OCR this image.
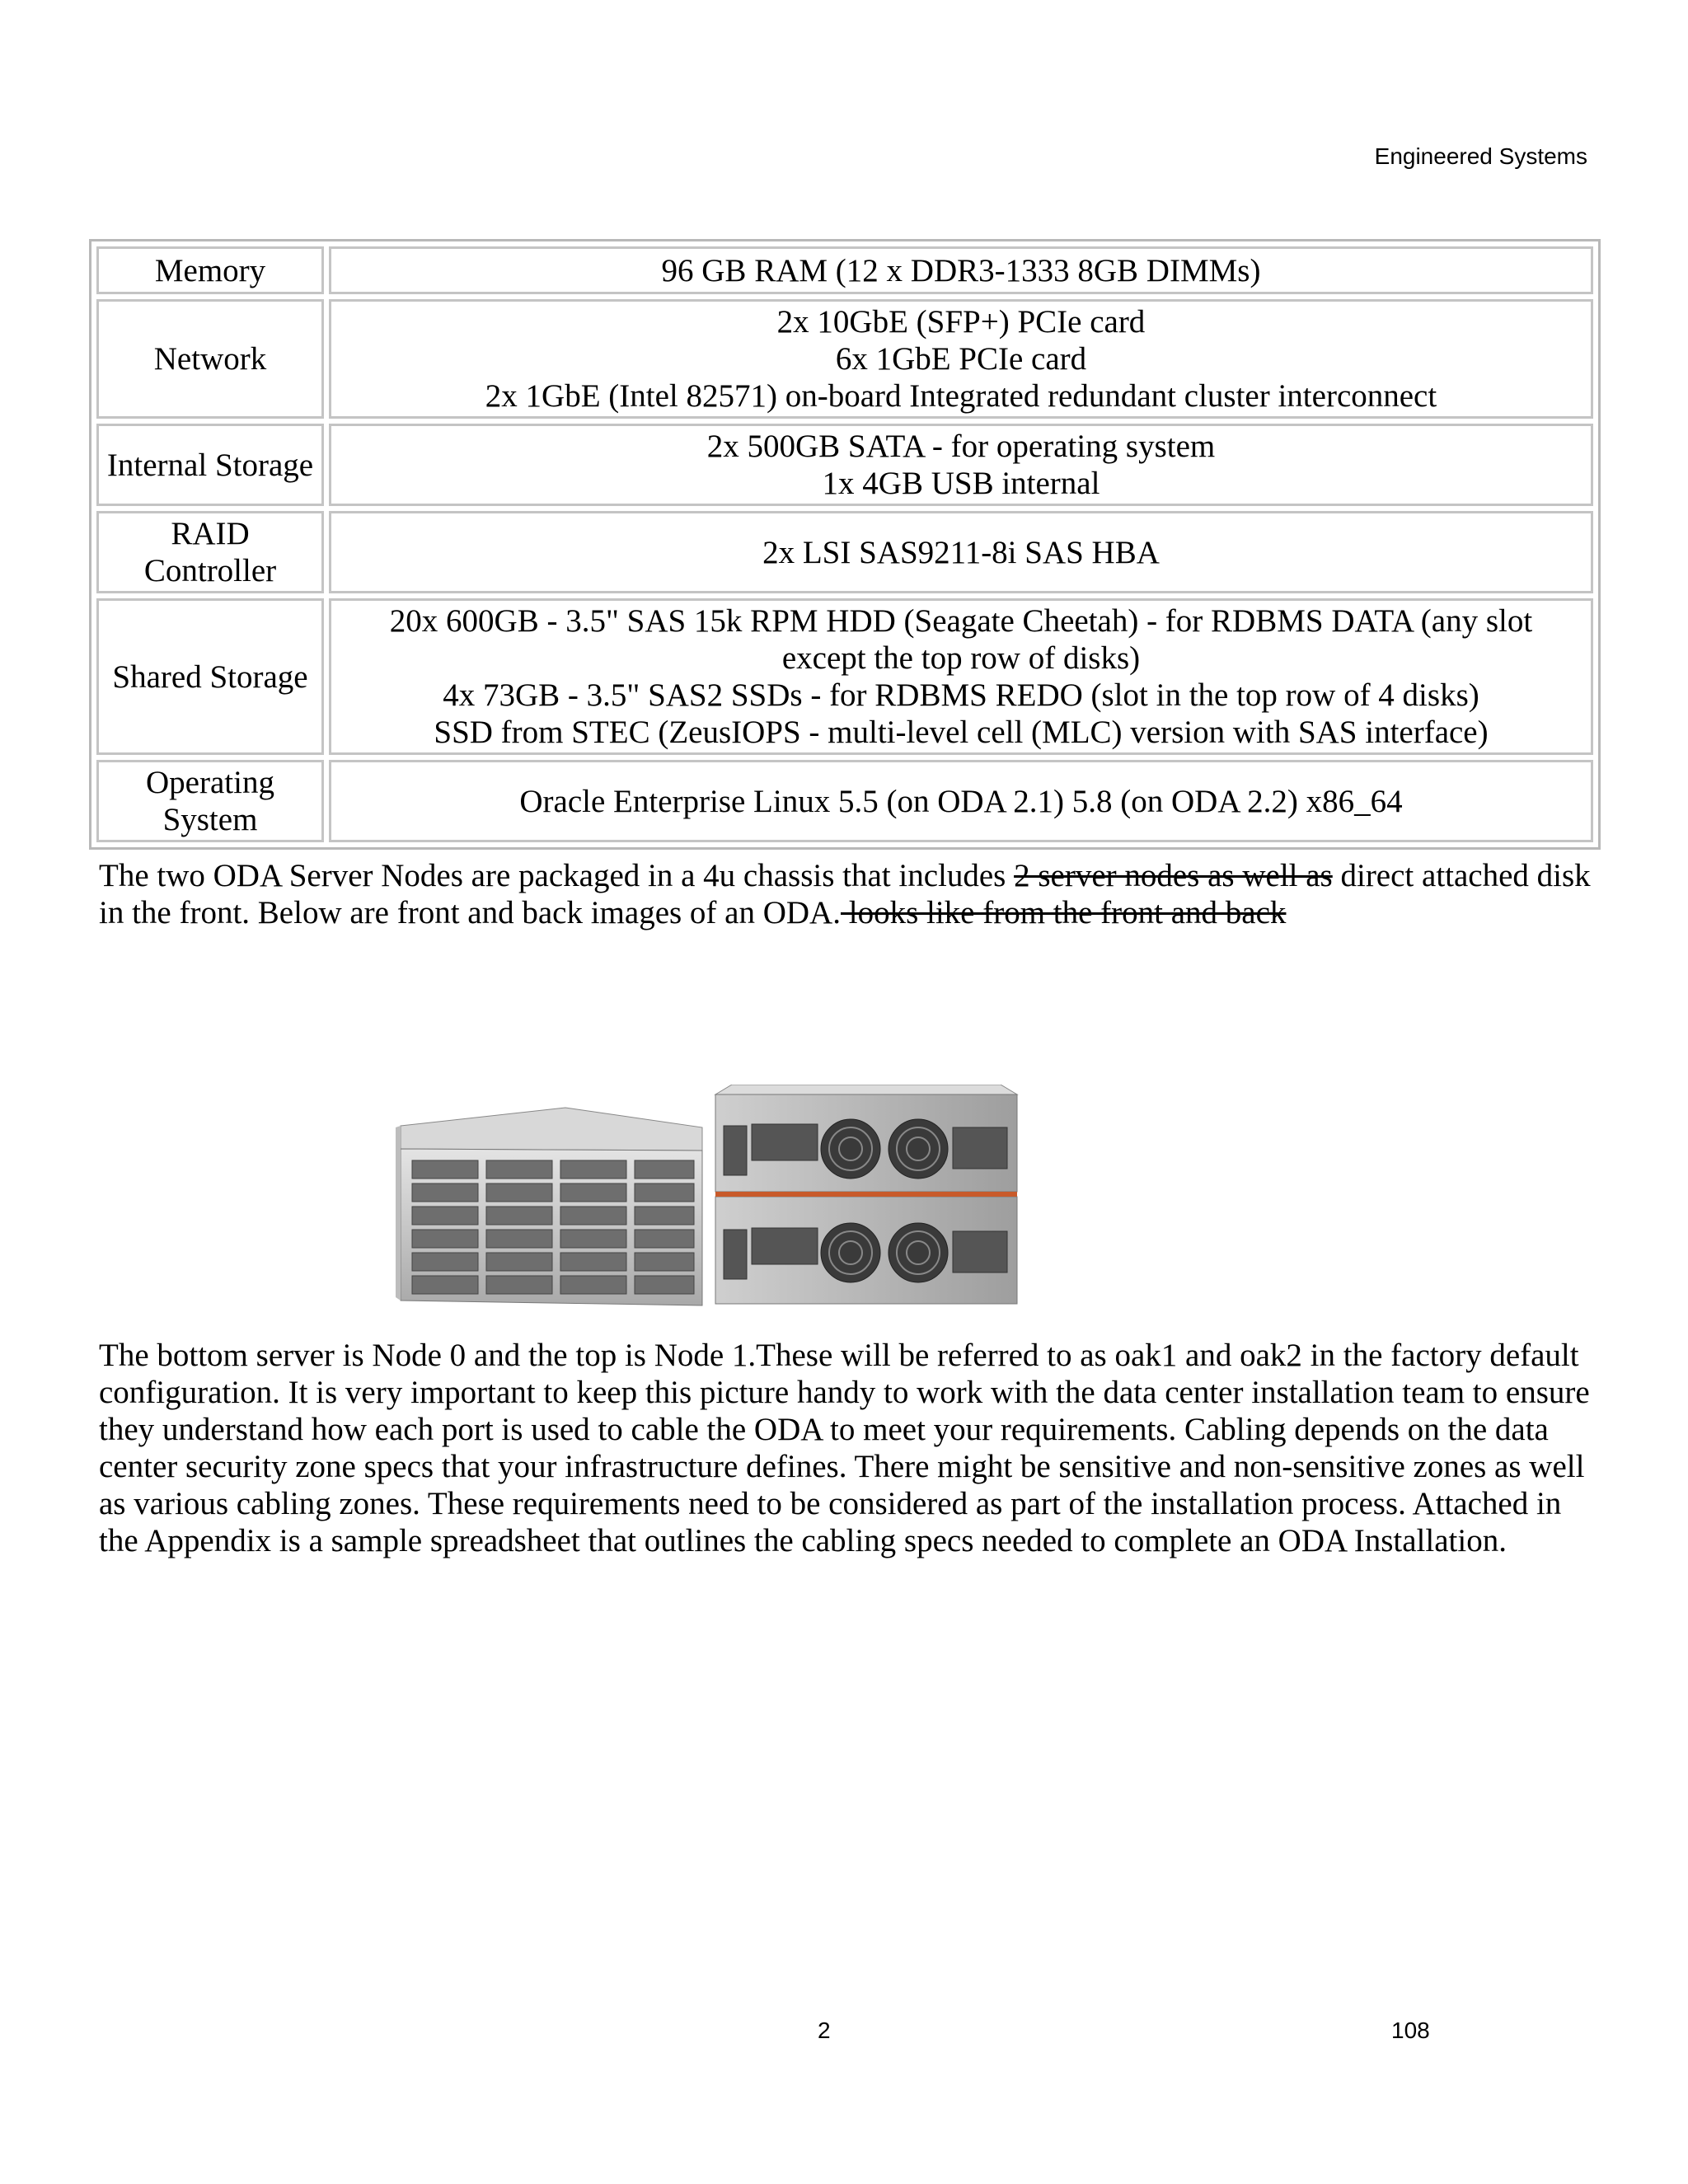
Engineered Systems
Memory	96 GB RAM (12 x DDR3-1333 8GB DIMMs)
Network	2x 10GbE (SFP+) PCIe card
6x 1GbE PCIe card
2x 1GbE (Intel 82571) on-board Integrated redundant cluster interconnect
Internal Storage	2x 500GB SATA - for operating system
1x 4GB USB internal
RAID
Controller	2x LSI SAS9211-8i SAS HBA
Shared Storage	20x 600GB - 3.5" SAS 15k RPM HDD (Seagate Cheetah) - for RDBMS DATA (any slot
except the top row of disks)
4x 73GB - 3.5" SAS2 SSDs - for RDBMS REDO (slot in the top row of 4 disks)
SSD from STEC (ZeusIOPS - multi-level cell (MLC) version with SAS interface)
Operating
System	Oracle Enterprise Linux 5.5 (on ODA 2.1) 5.8 (on ODA 2.2) x86_64

The two ODA Server Nodes are packaged in a 4u chassis that includes 2 server nodes as well as direct attached disk in the front. Below are front and back images of an ODA. looks like from the front and back

The bottom server is Node 0 and the top is Node 1.These will be referred to as oak1 and oak2 in the factory default configuration. It is very important to keep this picture handy to work with the data center installation team to ensure they understand how each port is used to cable the ODA to meet your requirements. Cabling depends on the data center security zone specs that your infrastructure defines. There might be sensitive and non-sensitive zones as well as various cabling zones. These requirements need to be considered as part of the installation process. Attached in the Appendix is a sample spreadsheet that outlines the cabling specs needed to complete an ODA Installation.

2	108
